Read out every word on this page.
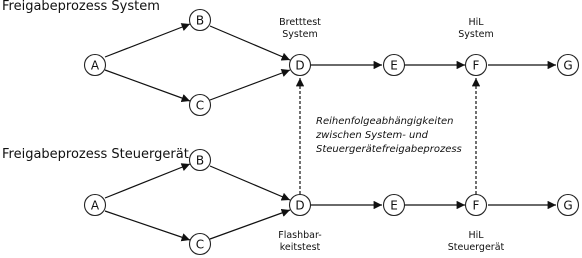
Freigabeprozess System
Freigabeprozess Steuergerät
A
B
C
D	E	F	G
A
B
C
D	E	F	G
Bretttest
System
HiL
System
Flashbar-
keitstest
HiL
Steuergerät
Reihenfolgeabhängigkeiten
zwischen System- und
Steuergerätefreigabeprozess
